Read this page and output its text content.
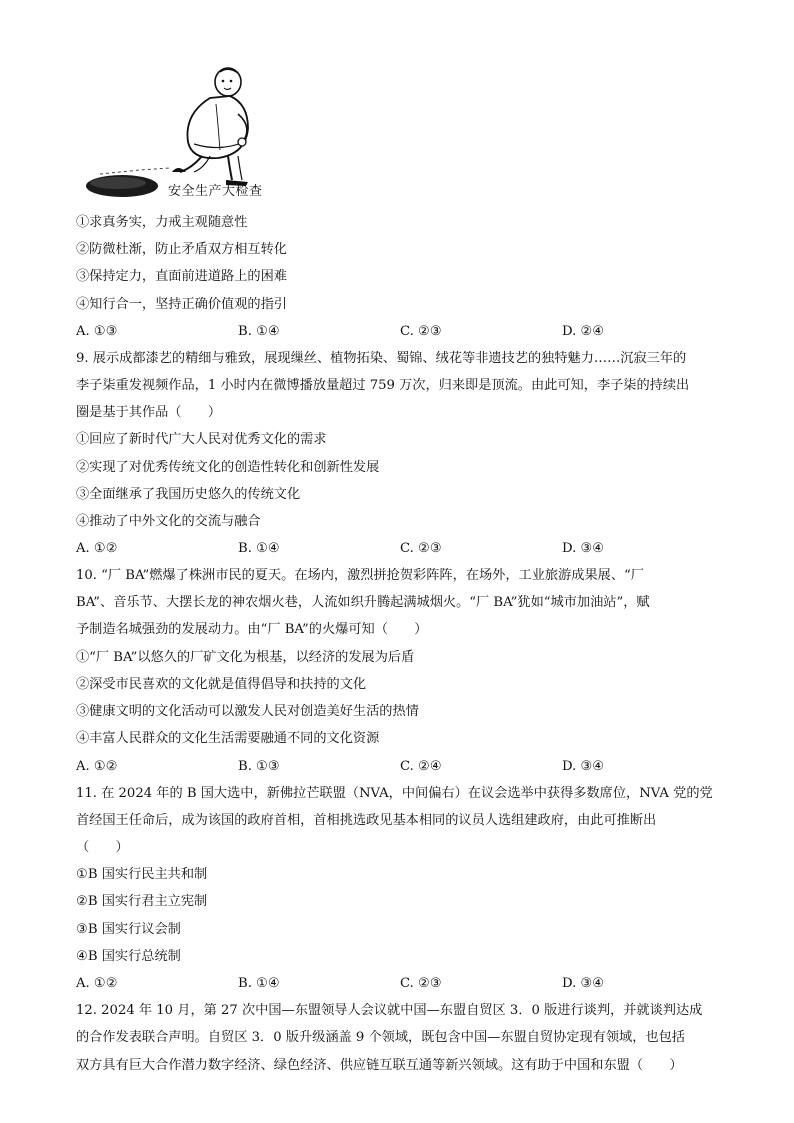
安全生产大检查
①求真务实，力戒主观随意性
②防微杜渐，防止矛盾双方相互转化
③保持定力，直面前进道路上的困难
④知行合一，坚持正确价值观的指引
A. ①③	B. ①④	C. ②③	D. ②④
9. 展示成都漆艺的精细与雅致，展现缫丝、植物拓染、蜀锦、绒花等非遗技艺的独特魅力……沉寂三年的
李子柒重发视频作品，1 小时内在微博播放量超过 759 万次，归来即是顶流。由此可知，李子柒的持续出
圈是基于其作品（　　）
①回应了新时代广大人民对优秀文化的需求
②实现了对优秀传统文化的创造性转化和创新性发展
③全面继承了我国历史悠久的传统文化
④推动了中外文化的交流与融合
A. ①②	B. ①④	C. ②③	D. ③④
10. “厂 BA”燃爆了株洲市民的夏天。在场内，激烈拼抢贺彩阵阵，在场外，工业旅游成果展、“厂
BA”、音乐节、大摆长龙的神农烟火巷，人流如织升腾起满城烟火。“厂 BA”犹如“城市加油站”，赋
予制造名城强劲的发展动力。由“厂 BA”的火爆可知（　　）
①“厂 BA”以悠久的厂矿文化为根基，以经济的发展为后盾
②深受市民喜欢的文化就是值得倡导和扶持的文化
③健康文明的文化活动可以激发人民对创造美好生活的热情
④丰富人民群众的文化生活需要融通不同的文化资源
A. ①②	B. ①③	C. ②④	D. ③④
11. 在 2024 年的 B 国大选中，新佛拉芒联盟（NVA，中间偏右）在议会选举中获得多数席位，NVA 党的党
首经国王任命后，成为该国的政府首相，首相挑选政见基本相同的议员人选组建政府，由此可推断出
（　　）
①B 国实行民主共和制
②B 国实行君主立宪制
③B 国实行议会制
④B 国实行总统制
A. ①②	B. ①④	C. ②③	D. ③④
12. 2024 年 10 月，第 27 次中国—东盟领导人会议就中国—东盟自贸区 3．0 版进行谈判，并就谈判达成
的合作发表联合声明。自贸区 3．0 版升级涵盖 9 个领域，既包含中国—东盟自贸协定现有领域，也包括
双方具有巨大合作潜力数字经济、绿色经济、供应链互联互通等新兴领域。这有助于中国和东盟（　　）
